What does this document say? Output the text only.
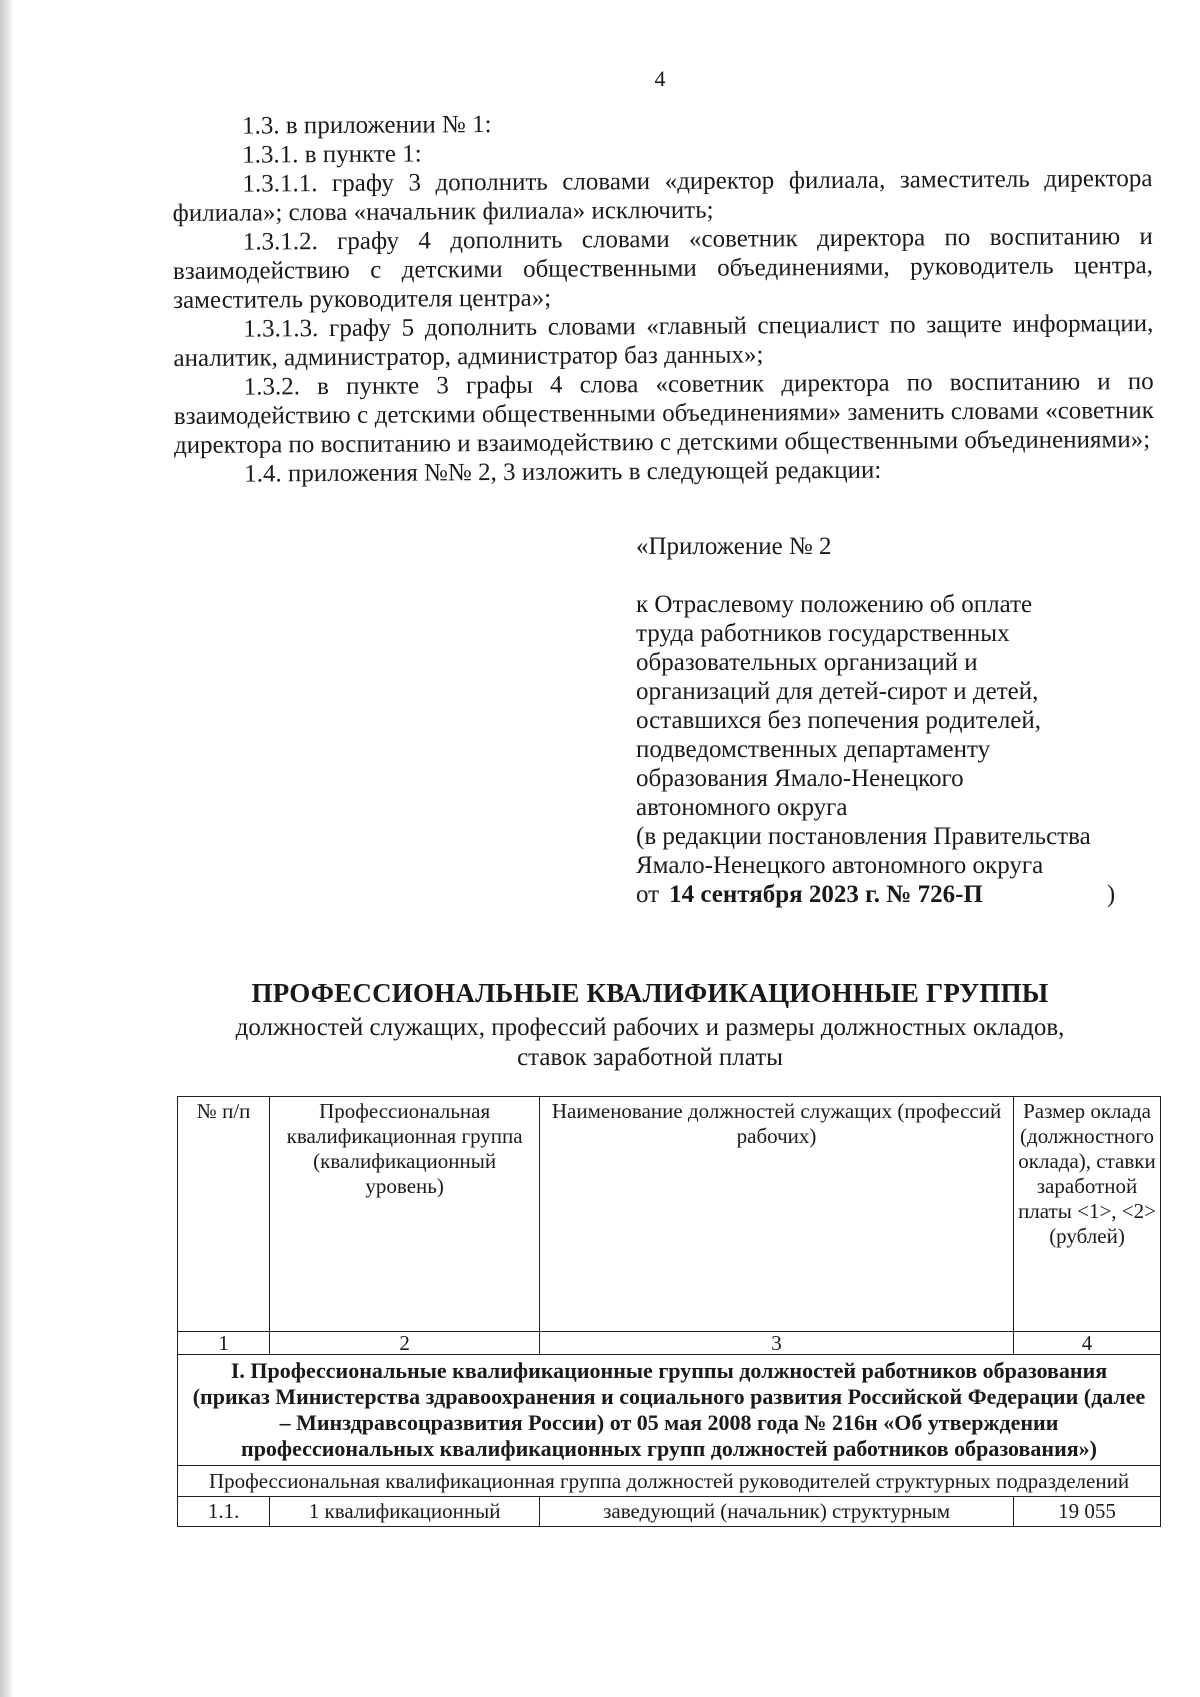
4

1.3. в приложении № 1:

1.3.1. в пункте 1:

1.3.1.1. графу 3 дополнить словами «директор филиала, заместитель директора филиала»; слова «начальник филиала» исключить;

1.3.1.2. графу 4 дополнить словами «советник директора по воспитанию и взаимодействию с детскими общественными объединениями, руководитель центра, заместитель руководителя центра»;

1.3.1.3. графу 5 дополнить словами «главный специалист по защите информации, аналитик, администратор, администратор баз данных»;

1.3.2. в пункте 3 графы 4 слова «советник директора по воспитанию и по взаимодействию с детскими общественными объединениями» заменить словами «советник директора по воспитанию и взаимодействию с детскими общественными объединениями»;

1.4. приложения №№ 2, 3 изложить в следующей редакции:

«Приложение № 2
к Отраслевому положению об оплате
труда работников государственных
образовательных организаций и
организаций для детей-сирот и детей,
оставшихся без попечения родителей,
подведомственных департаменту
образования Ямало-Ненецкого
автономного округа
(в редакции постановления Правительства
Ямало-Ненецкого автономного округа
от 14 сентября 2023 г. № 726-П	)
ПРОФЕССИОНАЛЬНЫЕ КВАЛИФИКАЦИОННЫЕ ГРУППЫ
должностей служащих, профессий рабочих и размеры должностных окладов,
ставок заработной платы
№ п/п	Профессиональная квалификационная группа (квалификационный уровень)	Наименование должностей служащих (профессий рабочих)	Размер оклада (должностного оклада), ставки заработной платы <1>, <2> (рублей)
1	2	3	4
I. Профессиональные квалификационные группы должностей работников образования (приказ Министерства здравоохранения и социального развития Российской Федерации (далее – Минздравсоцразвития России) от 05 мая 2008 года № 216н «Об утверждении профессиональных квалификационных групп должностей работников образования»)			
Профессиональная квалификационная группа должностей руководителей структурных подразделений			
1.1.	1 квалификационный	заведующий (начальник) структурным	19 055
